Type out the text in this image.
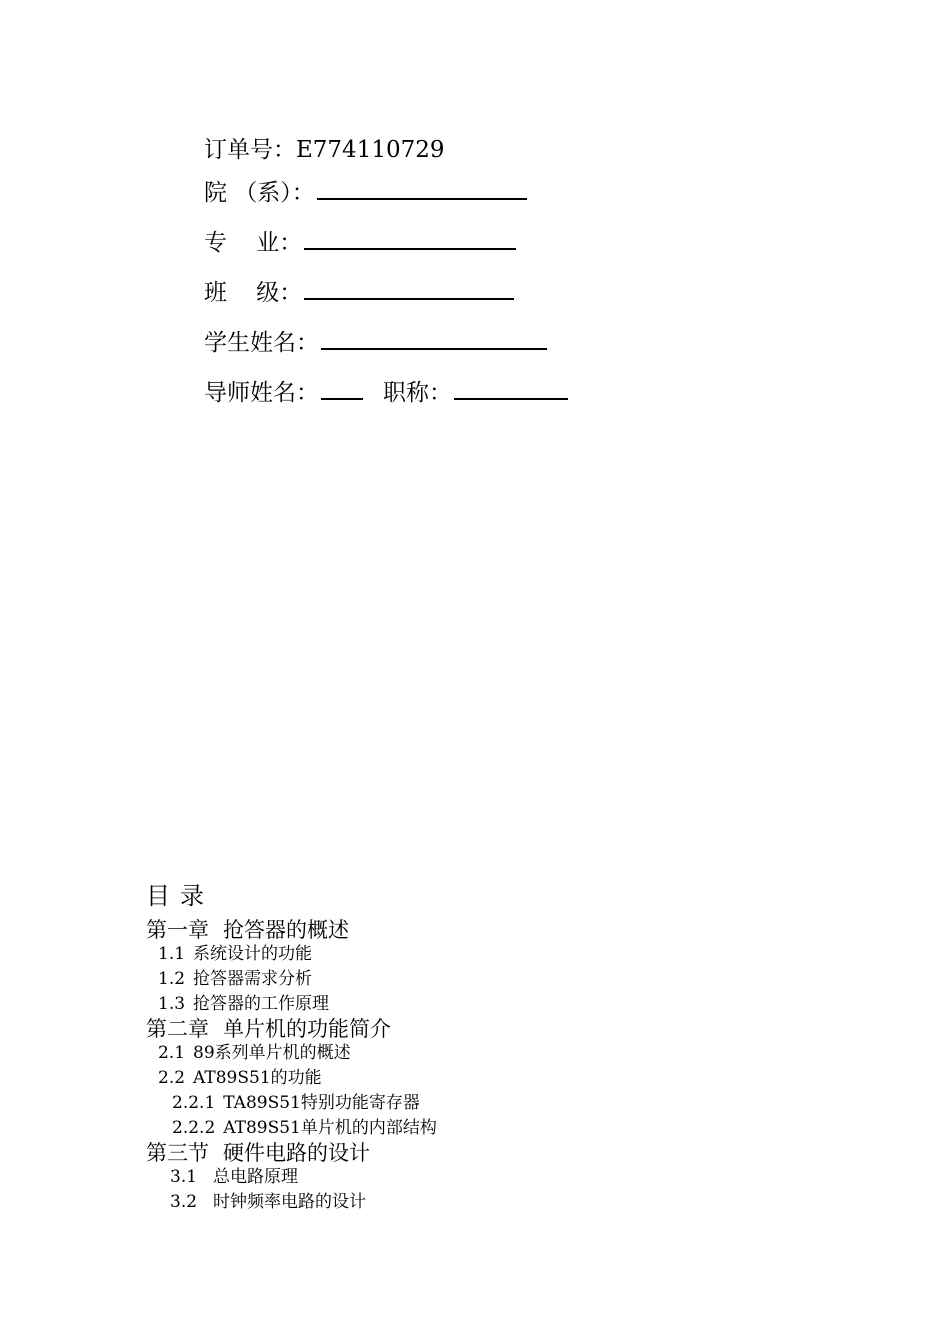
订单号：E774110729
院 （系）：
专    业：
班    级：
学生姓名：
导师姓名：	职称：
目录
第一章 抢答器的概述
1.1 系统设计的功能
1.2 抢答器需求分析
1.3 抢答器的工作原理
第二章 单片机的功能简介
2.1 89系列单片机的概述
2.2 AT89S51的功能
2.2.1 TA89S51特别功能寄存器
2.2.2 AT89S51单片机的内部结构
第三节 硬件电路的设计
3.1 总电路原理
3.2 时钟频率电路的设计
